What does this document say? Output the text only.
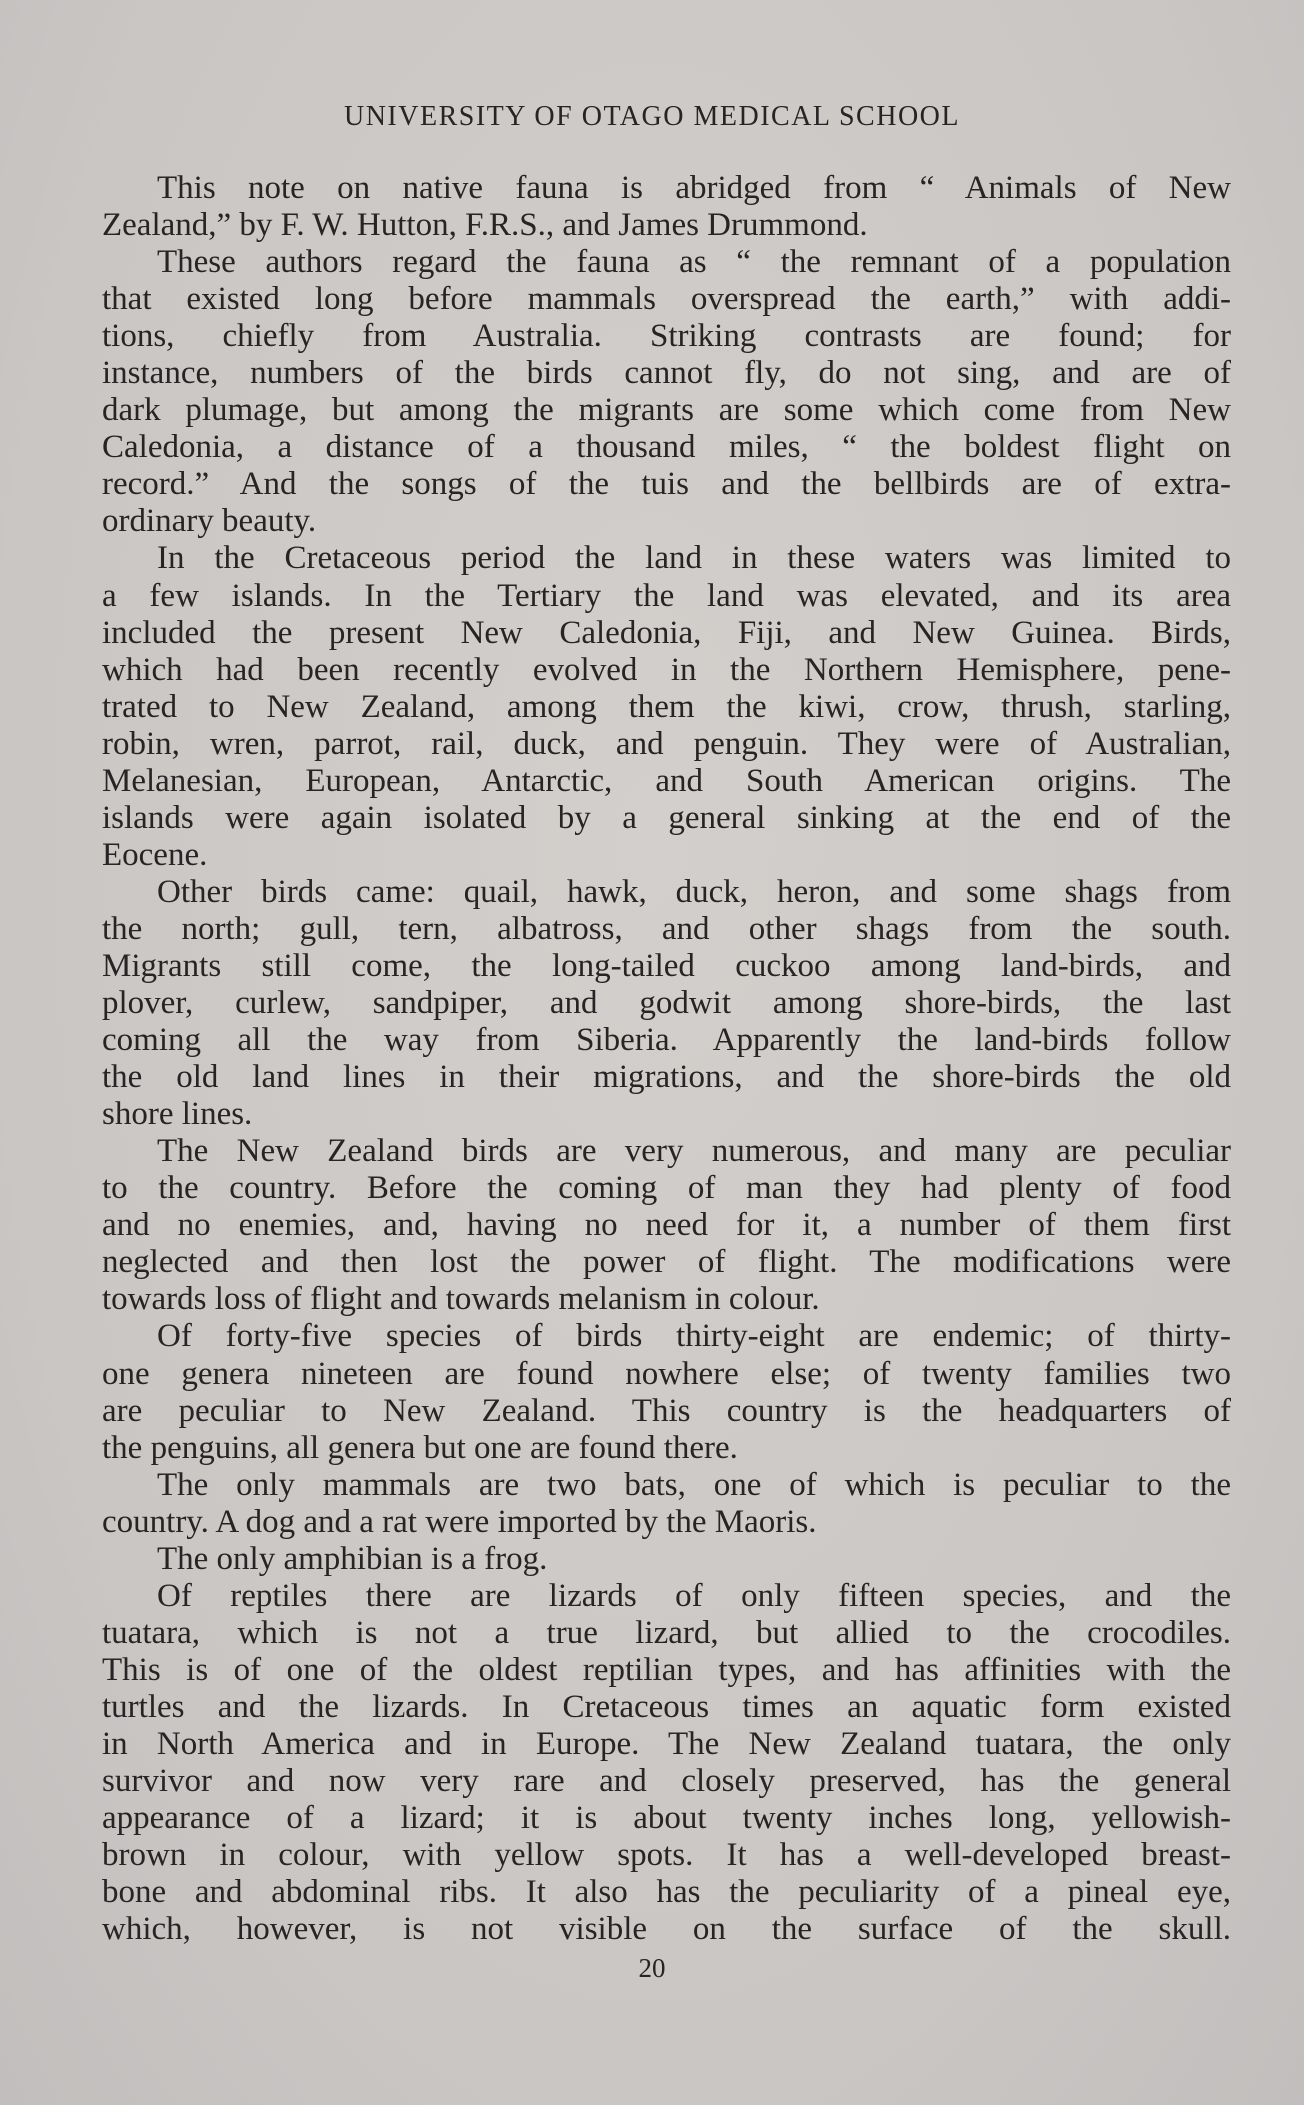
UNIVERSITY OF OTAGO MEDICAL SCHOOL
This note on native fauna is abridged from “ Animals of New
Zealand,” by F. W. Hutton, F.R.S., and James Drummond.
These authors regard the fauna as “ the remnant of a population
that existed long before mammals overspread the earth,” with addi-
tions, chiefly from Australia. Striking contrasts are found; for
instance, numbers of the birds cannot fly, do not sing, and are of
dark plumage, but among the migrants are some which come from New
Caledonia, a distance of a thousand miles, “ the boldest flight on
record.” And the songs of the tuis and the bellbirds are of extra-
ordinary beauty.
In the Cretaceous period the land in these waters was limited to
a few islands. In the Tertiary the land was elevated, and its area
included the present New Caledonia, Fiji, and New Guinea. Birds,
which had been recently evolved in the Northern Hemisphere, pene-
trated to New Zealand, among them the kiwi, crow, thrush, starling,
robin, wren, parrot, rail, duck, and penguin. They were of Australian,
Melanesian, European, Antarctic, and South American origins. The
islands were again isolated by a general sinking at the end of the
Eocene.
Other birds came: quail, hawk, duck, heron, and some shags from
the north; gull, tern, albatross, and other shags from the south.
Migrants still come, the long-tailed cuckoo among land-birds, and
plover, curlew, sandpiper, and godwit among shore-birds, the last
coming all the way from Siberia. Apparently the land-birds follow
the old land lines in their migrations, and the shore-birds the old
shore lines.
The New Zealand birds are very numerous, and many are peculiar
to the country. Before the coming of man they had plenty of food
and no enemies, and, having no need for it, a number of them first
neglected and then lost the power of flight. The modifications were
towards loss of flight and towards melanism in colour.
Of forty-five species of birds thirty-eight are endemic; of thirty-
one genera nineteen are found nowhere else; of twenty families two
are peculiar to New Zealand. This country is the headquarters of
the penguins, all genera but one are found there.
The only mammals are two bats, one of which is peculiar to the
country. A dog and a rat were imported by the Maoris.
The only amphibian is a frog.
Of reptiles there are lizards of only fifteen species, and the
tuatara, which is not a true lizard, but allied to the crocodiles.
This is of one of the oldest reptilian types, and has affinities with the
turtles and the lizards. In Cretaceous times an aquatic form existed
in North America and in Europe. The New Zealand tuatara, the only
survivor and now very rare and closely preserved, has the general
appearance of a lizard; it is about twenty inches long, yellowish-
brown in colour, with yellow spots. It has a well-developed breast-
bone and abdominal ribs. It also has the peculiarity of a pineal eye,
which, however, is not visible on the surface of the skull.
20
